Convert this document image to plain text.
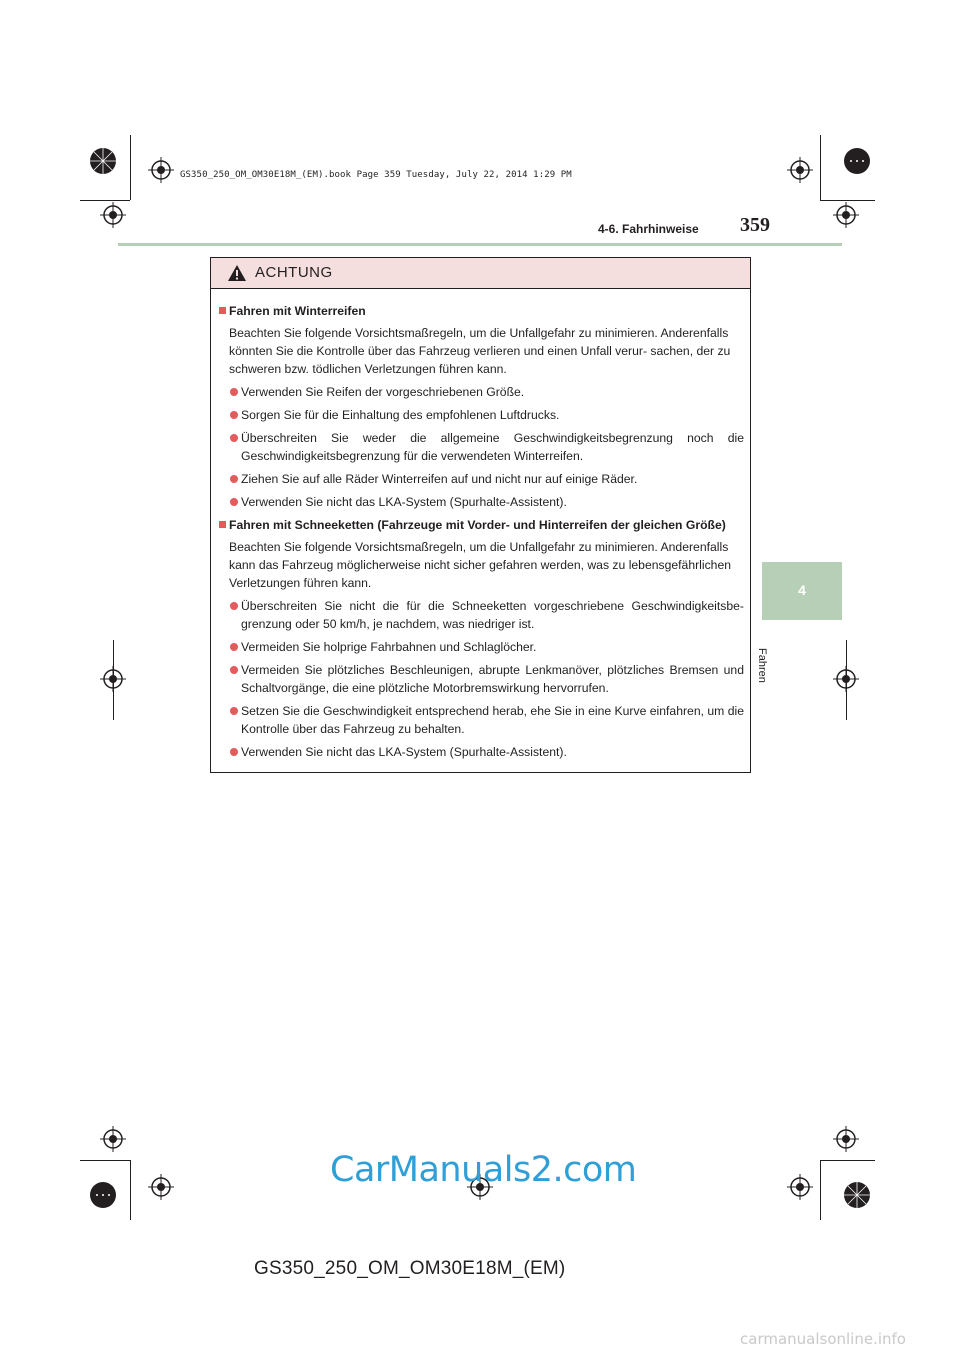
GS350_250_OM_OM30E18M_(EM).book Page 359 Tuesday, July 22, 2014 1:29 PM
4-6. Fahrhinweise 359
4
Fahren
ACHTUNG
Fahren mit Winterreifen
Beachten Sie folgende Vorsichtsmaßregeln, um die Unfallgefahr zu minimieren. Anderenfalls könnten Sie die Kontrolle über das Fahrzeug verlieren und einen Unfall verur- sachen, der zu schweren bzw. tödlichen Verletzungen führen kann.
Verwenden Sie Reifen der vorgeschriebenen Größe.
Sorgen Sie für die Einhaltung des empfohlenen Luftdrucks.
Überschreiten Sie weder die allgemeine Geschwindigkeitsbegrenzung noch die Geschwindigkeitsbegrenzung für die verwendeten Winterreifen.
Ziehen Sie auf alle Räder Winterreifen auf und nicht nur auf einige Räder.
Verwenden Sie nicht das LKA-System (Spurhalte-Assistent).
Fahren mit Schneeketten (Fahrzeuge mit Vorder- und Hinterreifen der gleichen Größe)
Beachten Sie folgende Vorsichtsmaßregeln, um die Unfallgefahr zu minimieren. Anderenfalls kann das Fahrzeug möglicherweise nicht sicher gefahren werden, was zu lebensgefährlichen Verletzungen führen kann.
Überschreiten Sie nicht die für die Schneeketten vorgeschriebene Geschwindigkeitsbe- grenzung oder 50 km/h, je nachdem, was niedriger ist.
Vermeiden Sie holprige Fahrbahnen und Schlaglöcher.
Vermeiden Sie plötzliches Beschleunigen, abrupte Lenkmanöver, plötzliches Bremsen und Schaltvorgänge, die eine plötzliche Motorbremswirkung hervorrufen.
Setzen Sie die Geschwindigkeit entsprechend herab, ehe Sie in eine Kurve einfahren, um die Kontrolle über das Fahrzeug zu behalten.
Verwenden Sie nicht das LKA-System (Spurhalte-Assistent).
CarManuals2.com
GS350_250_OM_OM30E18M_(EM)
carmanualsonline.info
